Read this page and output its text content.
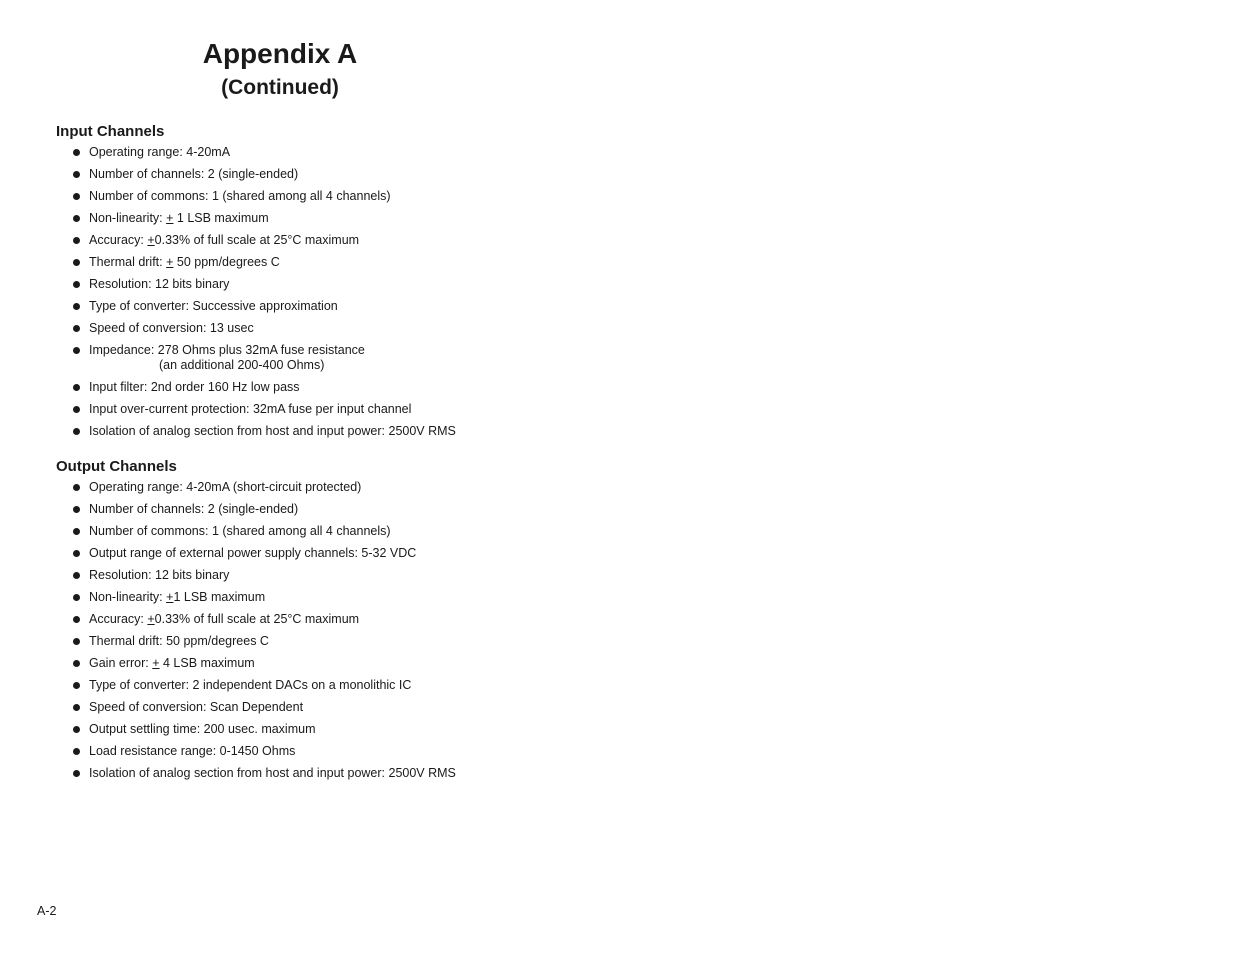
Appendix A
(Continued)
Input Channels
Operating range: 4-20mA
Number of channels: 2 (single-ended)
Number of commons: 1 (shared among all 4 channels)
Non-linearity: + 1 LSB maximum
Accuracy: +0.33% of full scale at 25°C maximum
Thermal drift: + 50 ppm/degrees C
Resolution: 12 bits binary
Type of converter: Successive approximation
Speed of conversion: 13 usec
Impedance: 278 Ohms plus 32mA fuse resistance
(an additional 200-400 Ohms)
Input filter: 2nd order 160 Hz low pass
Input over-current protection: 32mA fuse per input channel
Isolation of analog section from host and input power: 2500V RMS
Output Channels
Operating range: 4-20mA (short-circuit protected)
Number of channels: 2 (single-ended)
Number of commons: 1 (shared among all 4 channels)
Output range of external power supply channels: 5-32 VDC
Resolution: 12 bits binary
Non-linearity: +1 LSB maximum
Accuracy: +0.33% of full scale at 25°C maximum
Thermal drift: 50 ppm/degrees C
Gain error: + 4 LSB maximum
Type of converter: 2 independent DACs on a monolithic IC
Speed of conversion: Scan Dependent
Output settling time: 200 usec. maximum
Load resistance range: 0-1450 Ohms
Isolation of analog section from host and input power: 2500V RMS
A-2
